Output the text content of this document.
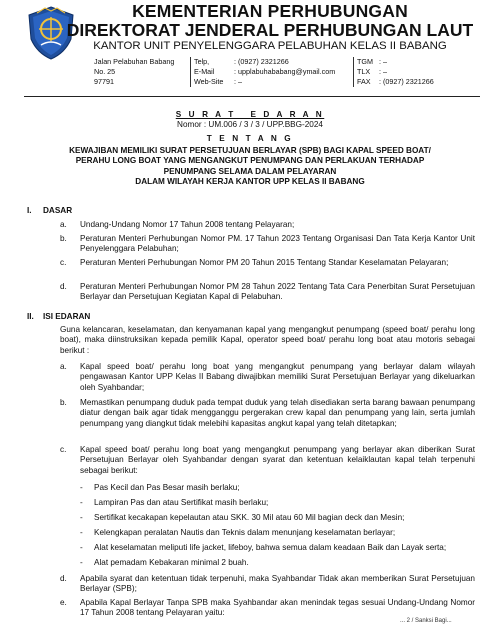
KEMENTERIAN PERHUBUNGAN
DIREKTORAT JENDERAL PERHUBUNGAN LAUT
KANTOR UNIT PENYELENGGARA PELABUHAN KELAS II BABANG
Jalan Pelabuhan Babang
No. 25
97791
Telp,	: (0927) 2321266
E-Mail	: upplabuhababang@ymail.com
Web-Site : –
TGM : –
TLX : –
FAX : (0927) 2321266
S U R A T   E D A R A N
Nomor : UM.006 / 3 / 3 / UPP.BBG-2024
T E N T A N G
KEWAJIBAN MEMILIKI SURAT PERSETUJUAN BERLAYAR (SPB) BAGI KAPAL SPEED BOAT/
PERAHU LONG BOAT YANG MENGANGKUT PENUMPANG DAN PERLAKUAN TERHADAP
PENUMPANG SELAMA DALAM PELAYARAN
DALAM WILAYAH KERJA KANTOR UPP KELAS II BABANG
I. DASAR
a. Undang-Undang Nomor 17 Tahun 2008 tentang Pelayaran;
b. Peraturan Menteri Perhubungan Nomor PM. 17 Tahun 2023 Tentang Organisasi Dan Tata Kerja Kantor Unit Penyelenggara Pelabuhan;
c. Peraturan Menteri Perhubungan Nomor PM 20 Tahun 2015 Tentang Standar Keselamatan Pelayaran;
d. Peraturan Menteri Perhubungan Nomor PM 28 Tahun 2022 Tentang Tata Cara Penerbitan Surat Persetujuan Berlayar dan Persetujuan Kegiatan Kapal di Pelabuhan.
II. ISI EDARAN
Guna kelancaran, keselamatan, dan kenyamanan kapal yang mengangkut penumpang (speed boat/ perahu long boat), maka diinstruksikan kepada pemilik Kapal, operator speed boat/ perahu long boat atau motoris sebagai berikut :
a. Kapal speed boat/ perahu long boat yang mengangkut penumpang yang berlayar dalam wilayah pengawasan Kantor UPP Kelas II Babang diwajibkan memiliki Surat Persetujuan Berlayar yang dikeluarkan oleh Syahbandar;
b. Memastikan penumpang duduk pada tempat duduk yang telah disediakan serta barang bawaan penumpang diatur dengan baik agar tidak mengganggu pergerakan crew kapal dan penumpang yang lain, serta jumlah penumpang yang diangkut tidak melebihi kapasitas angkut kapal yang telah ditetapkan;
c. Kapal speed boat/ perahu long boat yang mengangkut penumpang yang berlayar akan diberikan Surat Persetujuan Berlayar oleh Syahbandar dengan syarat dan ketentuan kelaiklautan kapal telah terpenuhi sebagai berikut:
- Pas Kecil dan Pas Besar masih berlaku;
- Lampiran Pas dan atau Sertifikat masih berlaku;
- Sertifikat kecakapan kepelautan atau SKK. 30 Mil atau 60 Mil bagian deck dan Mesin;
- Kelengkapan peralatan Nautis dan Teknis dalam menunjang keselamatan berlayar;
- Alat keselamatan meliputi life jacket, lifeboy, bahwa semua dalam keadaan Baik dan Layak serta;
- Alat pemadam Kebakaran minimal 2 buah.
d. Apabila syarat dan ketentuan tidak terpenuhi, maka Syahbandar Tidak akan memberikan Surat Persetujuan Berlayar (SPB);
e. Apabila Kapal Berlayar Tanpa SPB maka Syahbandar akan menindak tegas sesuai Undang-Undang Nomor 17 Tahun 2008 tentang Pelayaran yaitu:
... 2 / Sanksi Bagi...
